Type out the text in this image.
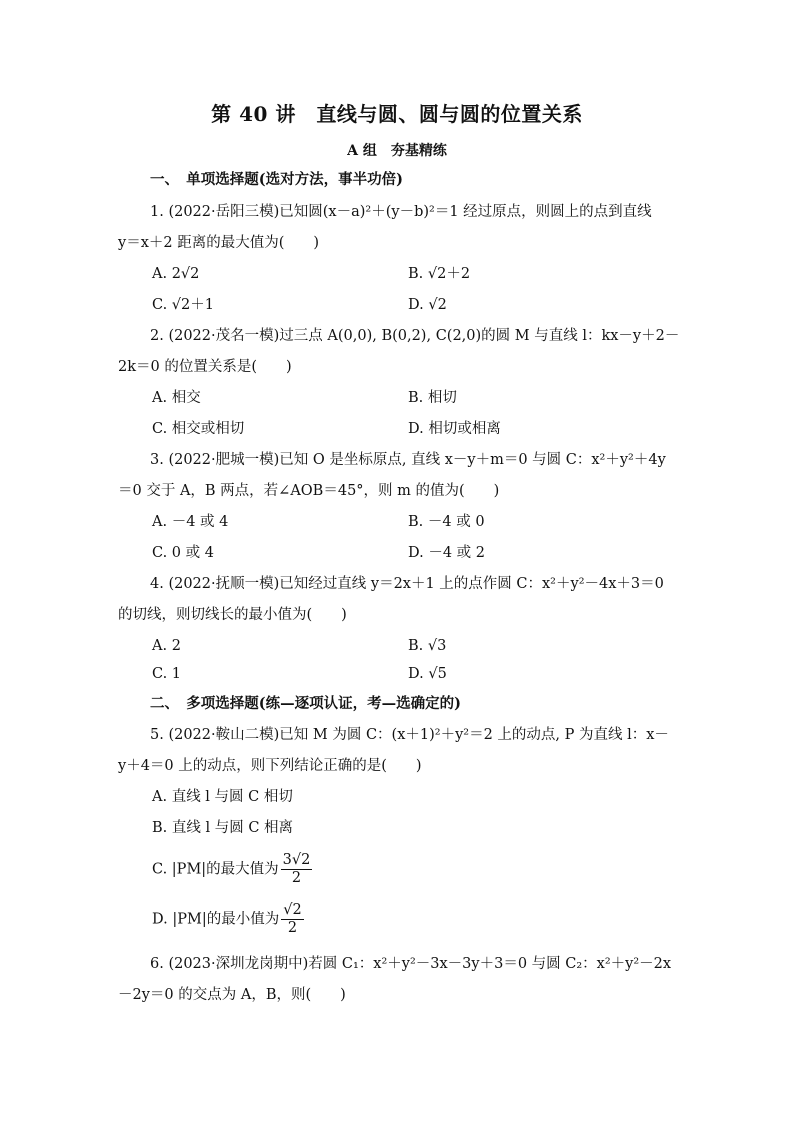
第 40 讲　直线与圆、圆与圆的位置关系
A 组　夯基精练
一、　单项选择题(选对方法，事半功倍)
1. (2022·岳阳三模)已知圆(x－a)²＋(y－b)²＝1 经过原点，则圆上的点到直线
y＝x＋2 距离的最大值为(　　)
A. 2√2	B. √2＋2
C. √2＋1	D. √2
2. (2022·茂名一模)过三点 A(0,0), B(0,2), C(2,0)的圆 M 与直线 l：kx－y＋2－
2k＝0 的位置关系是(　　)
A. 相交	B. 相切
C. 相交或相切	D. 相切或相离
3. (2022·肥城一模)已知 O 是坐标原点, 直线 x－y＋m＝0 与圆 C：x²＋y²＋4y
＝0 交于 A，B 两点，若∠AOB＝45°，则 m 的值为(　　)
A. －4 或 4	B. －4 或 0
C. 0 或 4	D. －4 或 2
4. (2022·抚顺一模)已知经过直线 y＝2x＋1 上的点作圆 C：x²＋y²－4x＋3＝0
的切线，则切线长的最小值为(　　)
A. 2	B. √3
C. 1	D. √5
二、　多项选择题(练—逐项认证，考—选确定的)
5. (2022·鞍山二模)已知 M 为圆 C：(x＋1)²＋y²＝2 上的动点, P 为直线 l：x－
y＋4＝0 上的动点，则下列结论正确的是(　　)
A. 直线 l 与圆 C 相切
B. 直线 l 与圆 C 相离
C. |PM|的最大值为 $\frac{3√2}{2}$
D. |PM|的最小值为 $\frac{√2}{2}$
6. (2023·深圳龙岗期中)若圆 C₁：x²＋y²－3x－3y＋3＝0 与圆 C₂：x²＋y²－2x
－2y＝0 的交点为 A，B，则(　　)
